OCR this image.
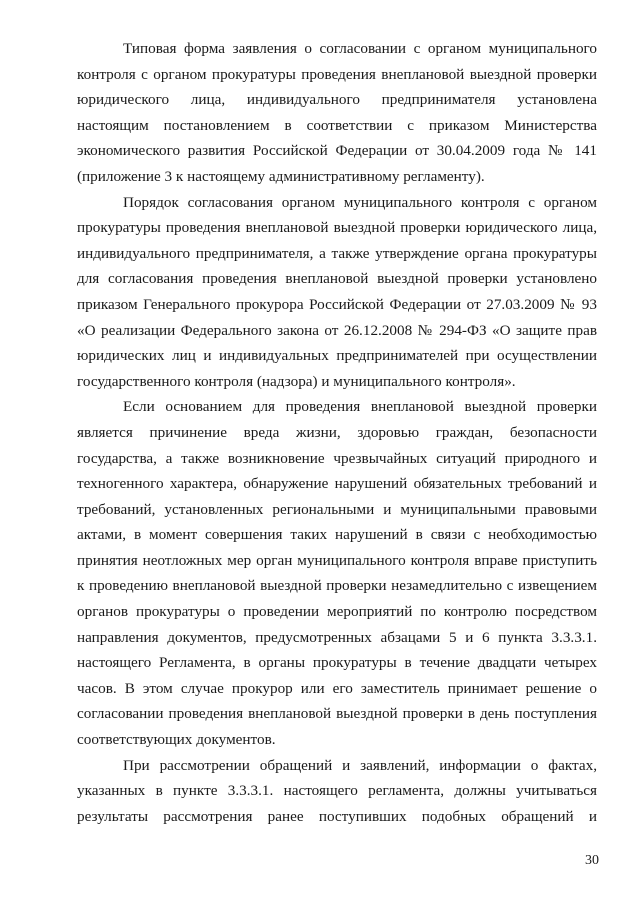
Типовая форма заявления о согласовании с органом муниципального
контроля с органом прокуратуры проведения внеплановой выездной проверки
юридического лица, индивидуального предпринимателя установлена
настоящим постановлением в соответствии с приказом Министерства
экономического развития Российской Федерации от 30.04.2009 года № 141
(приложение 3 к настоящему административному регламенту).
Порядок согласования органом муниципального контроля с органом
прокуратуры проведения внеплановой выездной проверки юридического лица,
индивидуального предпринимателя, а также утверждение органа прокуратуры
для согласования проведения внеплановой выездной проверки установлено
приказом Генерального прокурора Российской Федерации от 27.03.2009 № 93
«О реализации Федерального закона от 26.12.2008 № 294-ФЗ «О защите прав
юридических лиц и индивидуальных предпринимателей при осуществлении
государственного контроля (надзора) и муниципального контроля».
Если основанием для проведения внеплановой выездной проверки
является причинение вреда жизни, здоровью граждан, безопасности
государства, а также возникновение чрезвычайных ситуаций природного и
техногенного характера, обнаружение нарушений обязательных требований и
требований, установленных региональными и муниципальными правовыми
актами, в момент совершения таких нарушений в связи с необходимостью
принятия неотложных мер орган муниципального контроля вправе приступить
к проведению внеплановой выездной проверки незамедлительно с извещением
органов прокуратуры о проведении мероприятий по контролю посредством
направления документов, предусмотренных абзацами 5 и 6 пункта 3.3.3.1.
настоящего Регламента, в органы прокуратуры в течение двадцати четырех
часов. В этом случае прокурор или его заместитель принимает решение о
согласовании проведения внеплановой выездной проверки в день поступления
соответствующих документов.
При рассмотрении обращений и заявлений, информации о фактах,
указанных в пункте 3.3.3.1. настоящего регламента, должны учитываться
результаты рассмотрения ранее поступивших подобных обращений и
30
